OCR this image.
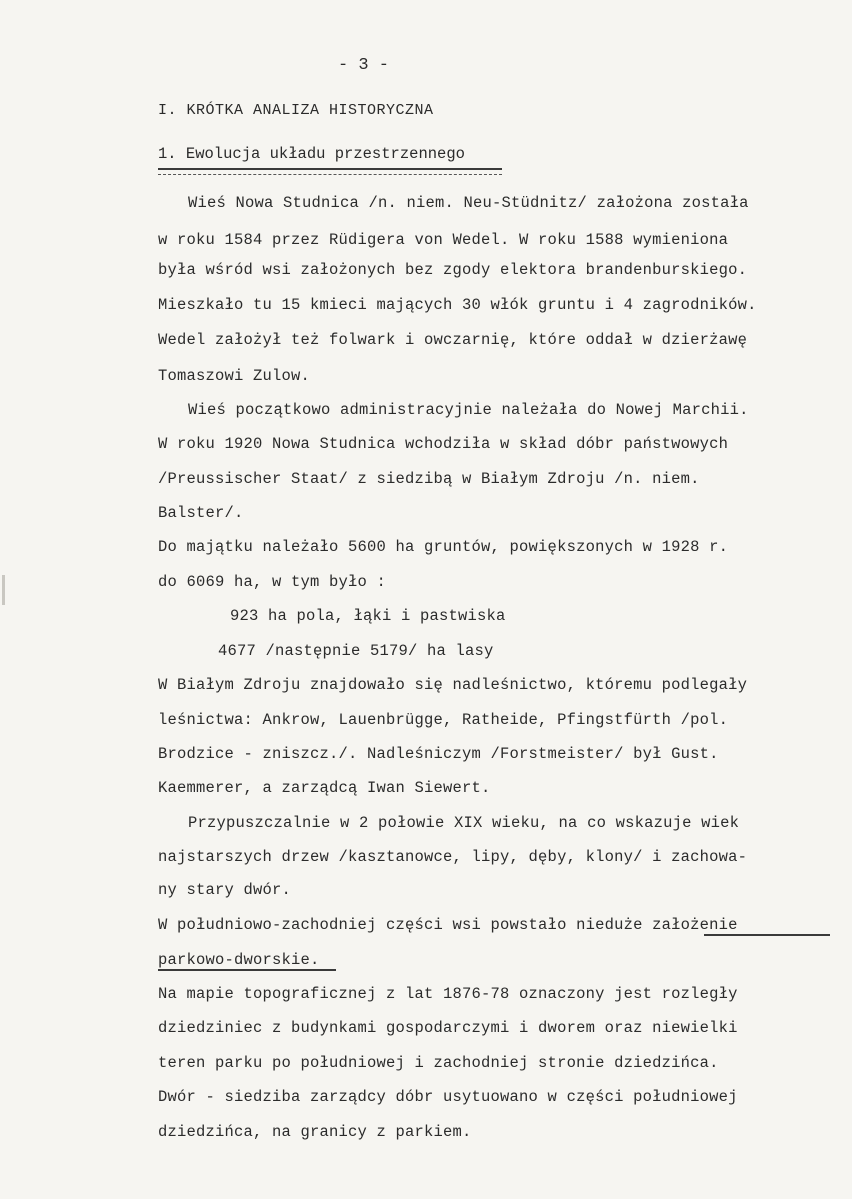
- 3 -
I. KRÓTKA ANALIZA HISTORYCZNA
1. Ewolucja układu przestrzennego
Wieś Nowa Studnica /n. niem. Neu-Stüdnitz/ założona została
w roku 1584 przez Rüdigera von Wedel. W roku 1588 wymieniona
była wśród wsi założonych bez zgody elektora brandenburskiego.
Mieszkało tu 15 kmieci mających 30 włók gruntu i 4 zagrodników.
Wedel założył też folwark i owczarnię, które oddał w dzierżawę
Tomaszowi Zulow.
Wieś początkowo administracyjnie należała do Nowej Marchii.
W roku 1920 Nowa Studnica wchodziła w skład dóbr państwowych
/Preussischer Staat/ z siedzibą w Białym Zdroju /n. niem.
Balster/.
Do majątku należało 5600 ha gruntów, powiększonych w 1928 r.
do 6069 ha, w tym było :
923 ha pola, łąki i pastwiska
4677 /następnie 5179/ ha lasy
W Białym Zdroju znajdowało się nadleśnictwo, któremu podlegały
leśnictwa: Ankrow, Lauenbrügge, Ratheide, Pfingstfürth /pol.
Brodzice - zniszcz./. Nadleśniczym /Forstmeister/ był Gust.
Kaemmerer, a zarządcą Iwan Siewert.
Przypuszczalnie w 2 połowie XIX wieku, na co wskazuje wiek
najstarszych drzew /kasztanowce, lipy, dęby, klony/ i zachowa-
ny stary dwór.
W południowo-zachodniej części wsi powstało nieduże założenie
parkowo-dworskie.
Na mapie topograficznej z lat 1876-78 oznaczony jest rozległy
dziedziniec z budynkami gospodarczymi i dworem oraz niewielki
teren parku po południowej i zachodniej stronie dziedzińca.
Dwór - siedziba zarządcy dóbr usytuowano w części południowej
dziedzińca, na granicy z parkiem.
